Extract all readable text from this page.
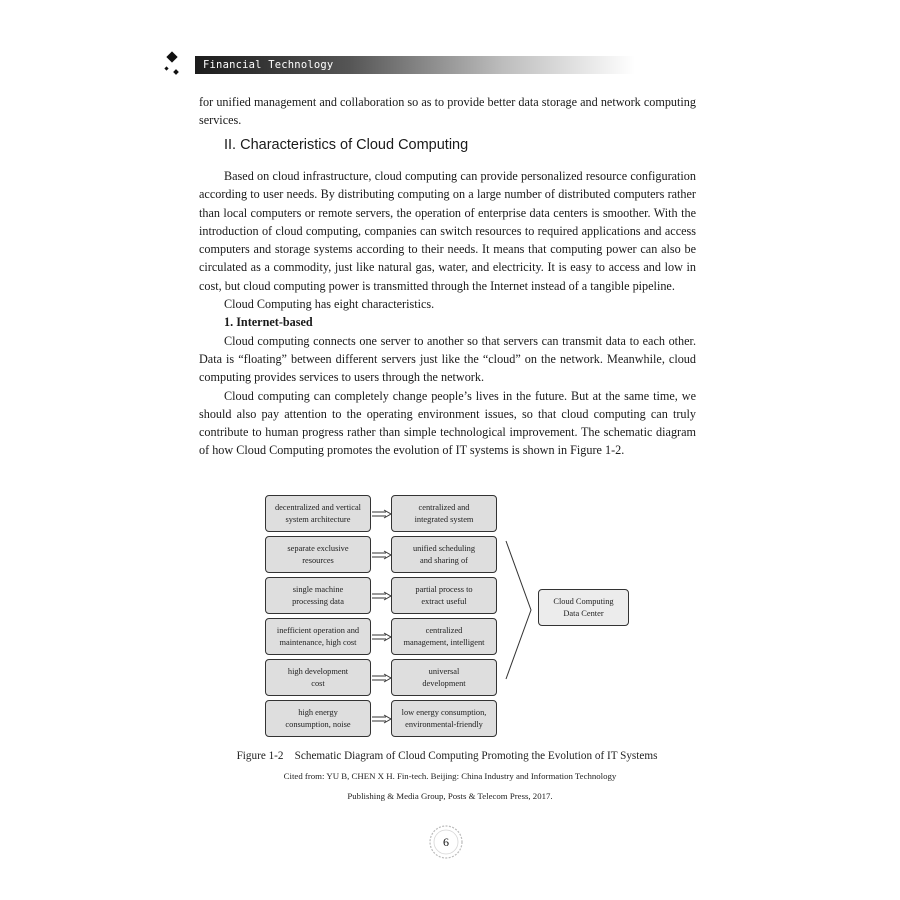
Financial Technology

for unified management and collaboration so as to provide better data storage and network computing services.

II. Characteristics of Cloud Computing

Based on cloud infrastructure, cloud computing can provide personalized resource configuration according to user needs. By distributing computing on a large number of distributed computers rather than local computers or remote servers, the operation of enterprise data centers is smoother. With the introduction of cloud computing, companies can switch resources to required applications and access computers and storage systems according to their needs. It means that computing power can also be circulated as a commodity, just like natural gas, water, and electricity. It is easy to access and low in cost, but cloud computing power is transmitted through the Internet instead of a tangible pipeline.

Cloud Computing has eight characteristics.

1. Internet-based

Cloud computing connects one server to another so that servers can transmit data to each other. Data is “floating” between different servers just like the “cloud” on the network. Meanwhile, cloud computing provides services to users through the network.

Cloud computing can completely change people’s lives in the future. But at the same time, we should also pay attention to the operating environment issues, so that cloud computing can truly contribute to human progress rather than simple technological improvement. The schematic diagram of how Cloud Computing promotes the evolution of IT systems is shown in Figure 1-2.

decentralized and vertical
system architecture
centralized and
integrated system
separate exclusive
resources
unified scheduling
and sharing of
single machine
processing data
partial process to
extract useful
inefficient operation and
maintenance, high cost
centralized
management, intelligent
high development
cost
universal
development
high energy
consumption, noise
low energy consumption,
environmental-friendly
Cloud Computing
Data Center
Figure 1-2    Schematic Diagram of Cloud Computing Promoting the Evolution of IT Systems
Cited from: YU B, CHEN X H. Fin-tech. Beijing: China Industry and Information Technology
Publishing & Media Group, Posts & Telecom Press, 2017.
6
